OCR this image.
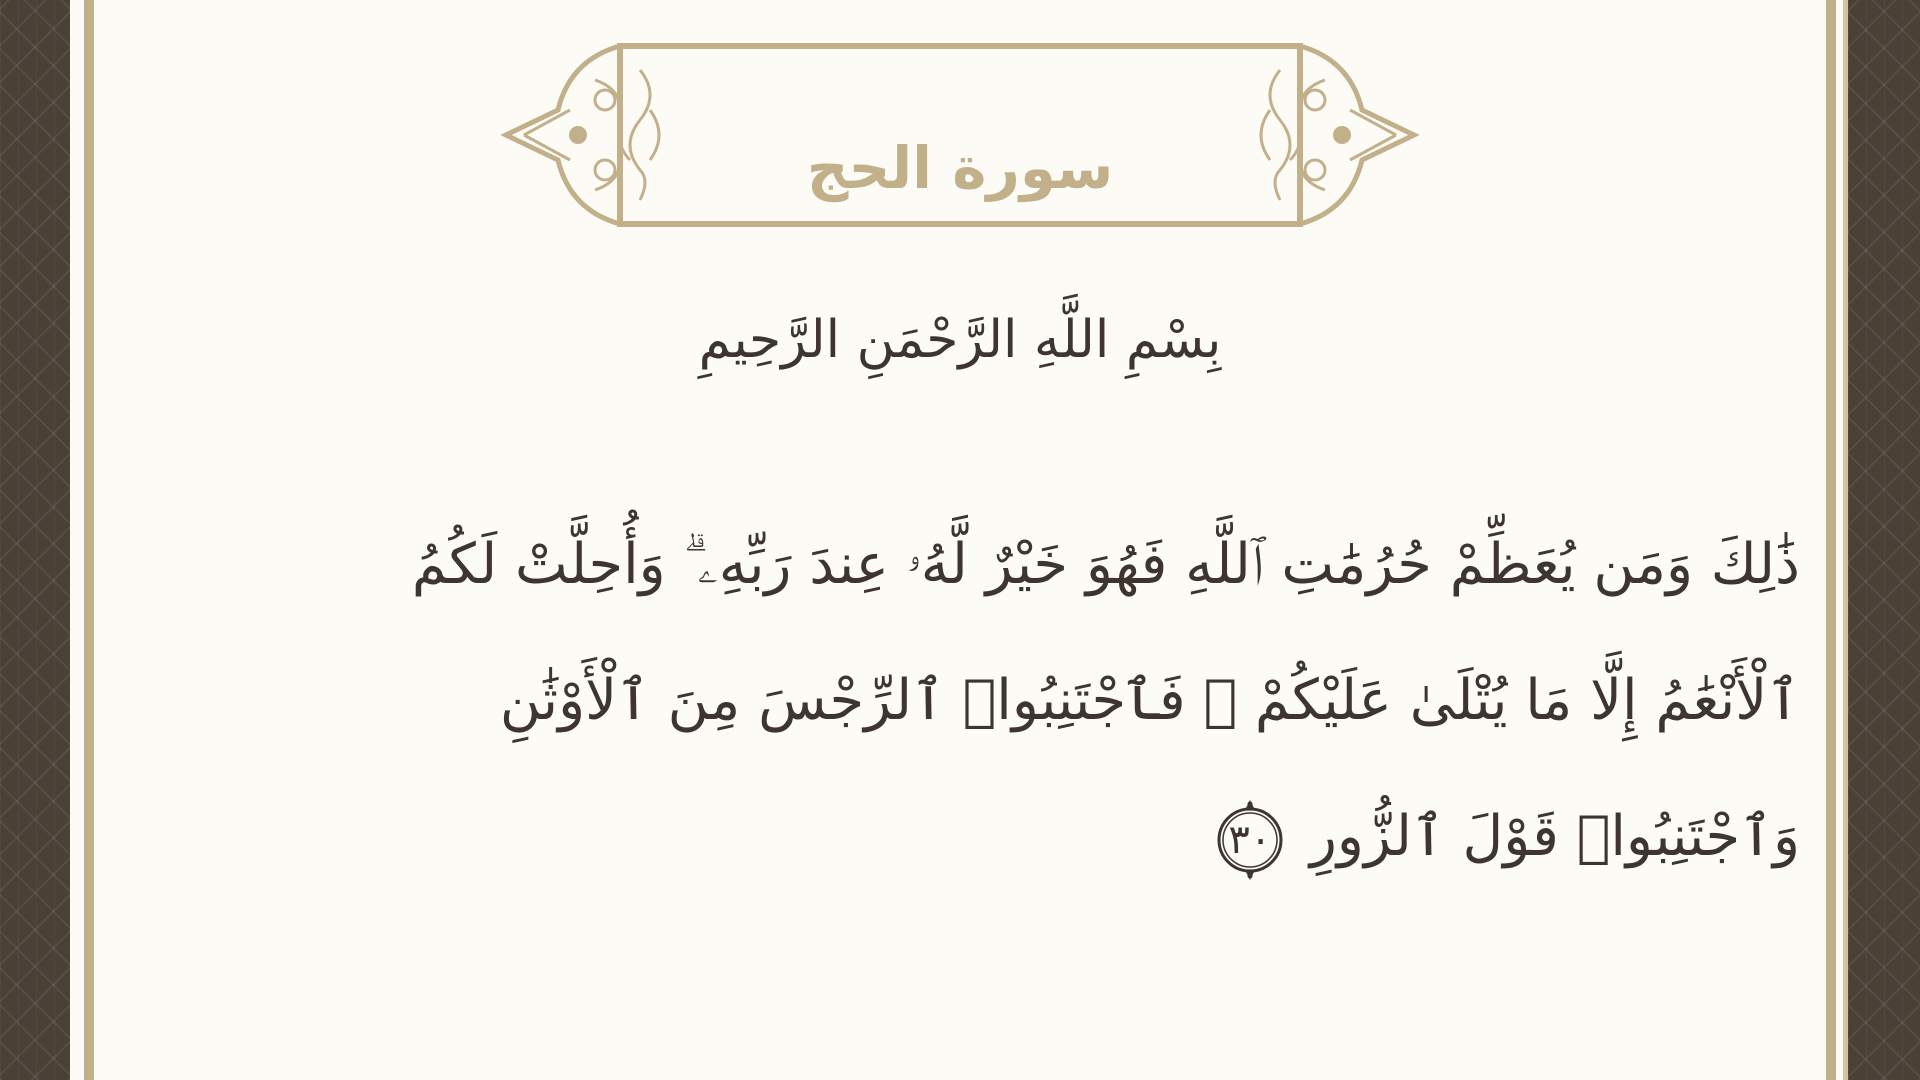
سورة الحج
بِسْمِ اللَّهِ الرَّحْمَنِ الرَّحِيمِ
ذَٰلِكَ وَمَن يُعَظِّمْ حُرُمَٰتِ ٱللَّهِ فَهُوَ خَيْرٌ لَّهُۥ عِندَ رَبِّهِۦ ۗ وَأُحِلَّتْ لَكُمُ
ٱلْأَنْعَٰمُ إِلَّا مَا يُتْلَىٰ عَلَيْكُمْ ۖ فَٱجْتَنِبُوا۟ ٱلرِّجْسَ مِنَ ٱلْأَوْثَٰنِ
وَٱجْتَنِبُوا۟ قَوْلَ ٱلزُّورِ
٣٠
